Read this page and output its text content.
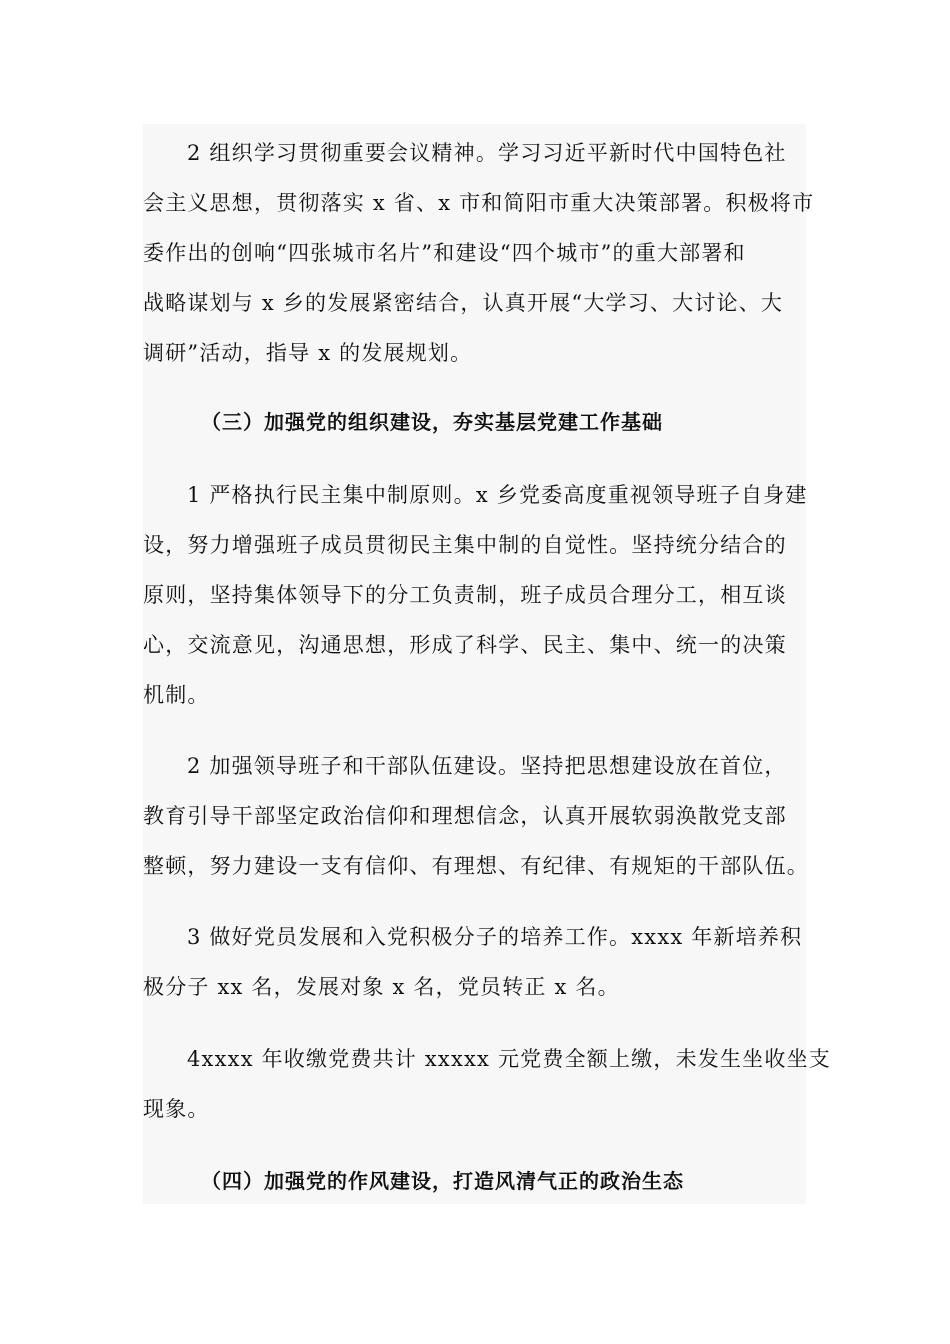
2 组织学习贯彻重要会议精神。学习习近平新时代中国特色社
会主义思想，贯彻落实 x 省、x 市和简阳市重大决策部署。积极将市
委作出的创响“四张城市名片”和建设“四个城市”的重大部署和
战略谋划与 x 乡的发展紧密结合，认真开展“大学习、大讨论、大
调研”活动，指导 x 的发展规划。
（三）加强党的组织建设，夯实基层党建工作基础
1 严格执行民主集中制原则。x 乡党委高度重视领导班子自身建
设，努力增强班子成员贯彻民主集中制的自觉性。坚持统分结合的
原则，坚持集体领导下的分工负责制，班子成员合理分工，相互谈
心，交流意见，沟通思想，形成了科学、民主、集中、统一的决策
机制。
2 加强领导班子和干部队伍建设。坚持把思想建设放在首位，
教育引导干部坚定政治信仰和理想信念，认真开展软弱涣散党支部
整顿，努力建设一支有信仰、有理想、有纪律、有规矩的干部队伍。
3 做好党员发展和入党积极分子的培养工作。xxxx 年新培养积
极分子 xx 名，发展对象 x 名，党员转正 x 名。
4xxxx 年收缴党费共计 xxxxx 元党费全额上缴，未发生坐收坐支
现象。
（四）加强党的作风建设，打造风清气正的政治生态
